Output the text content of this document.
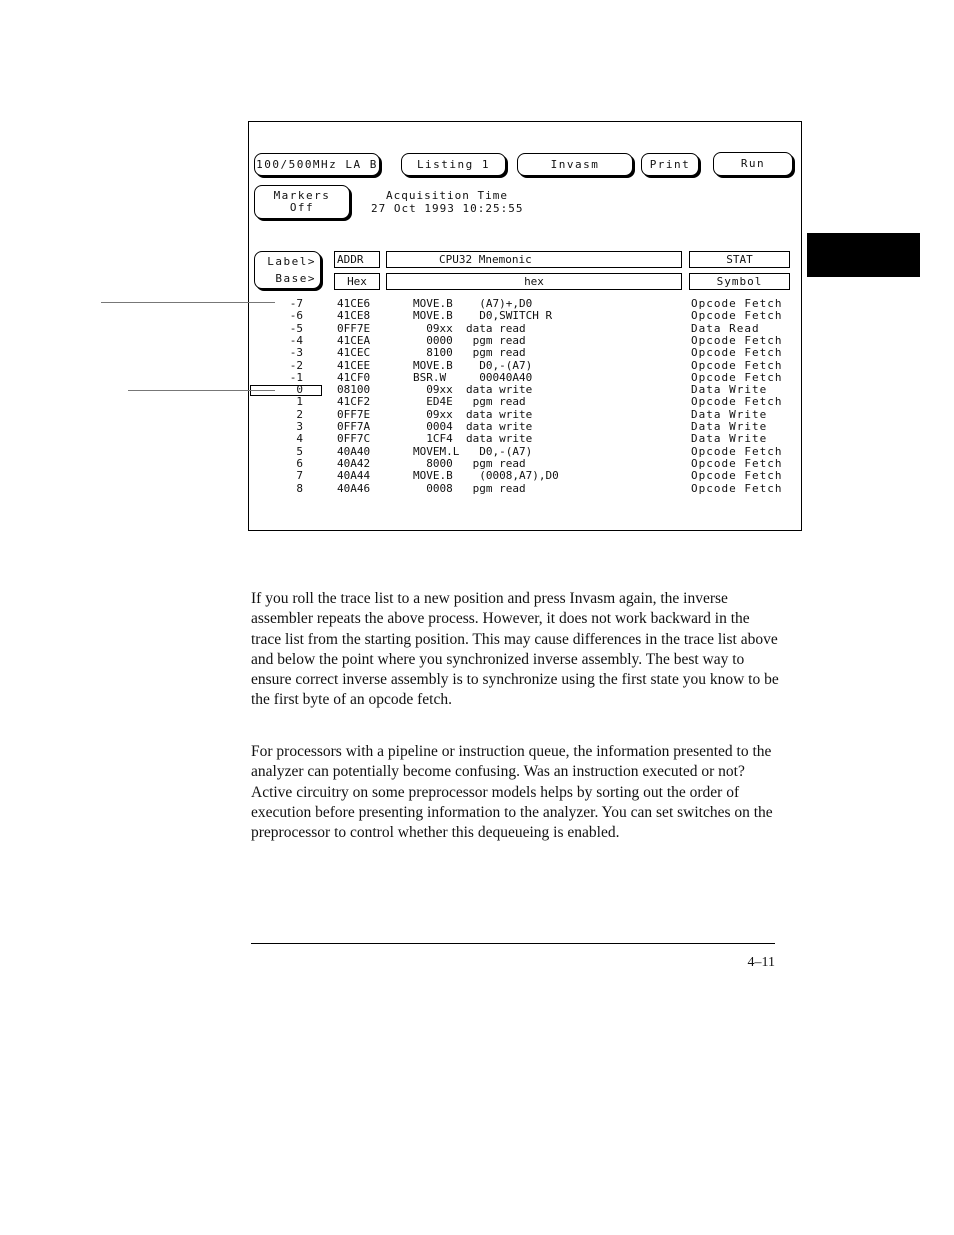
100/500MHz LA B	Listing 1	Invasm	Print	Run
Markers
Off
Acquisition Time
27 Oct 1993 10:25:55
Label>
Base>
ADDR	CPU32 Mnemonic	STAT
Hex	hex	Symbol
-7	41CE6	MOVE.B    (A7)+,D0	Opcode Fetch
-6	41CE8	MOVE.B    D0,SWITCH R	Opcode Fetch
-5	0FF7E	09xx  data read	Data Read
-4	41CEA	0000   pgm read	Opcode Fetch
-3	41CEC	8100   pgm read	Opcode Fetch
-2	41CEE	MOVE.B    D0,-(A7)	Opcode Fetch
-1	41CF0	BSR.W     00040A40	Opcode Fetch
0	08100	09xx  data write	Data Write
1	41CF2	ED4E   pgm read	Opcode Fetch
2	0FF7E	09xx  data write	Data Write
3	0FF7A	0004  data write	Data Write
4	0FF7C	1CF4  data write	Data Write
5	40A40	MOVEM.L   D0,-(A7)	Opcode Fetch
6	40A42	8000   pgm read	Opcode Fetch
7	40A44	MOVE.B    (0008,A7),D0	Opcode Fetch
8	40A46	0008   pgm read	Opcode Fetch

If you roll the trace list to a new position and press Invasm again, the inverse assembler repeats the above process. However, it does not work backward in the trace list from the starting position. This may cause differences in the trace list above and below the point where you synchronized inverse assembly. The best way to ensure correct inverse assembly is to synchronize using the first state you know to be the first byte of an opcode fetch.

For processors with a pipeline or instruction queue, the information presented to the analyzer can potentially become confusing. Was an instruction executed or not? Active circuitry on some preprocessor models helps by sorting out the order of execution before presenting information to the analyzer. You can set switches on the preprocessor to control whether this dequeueing is enabled.

4–11
